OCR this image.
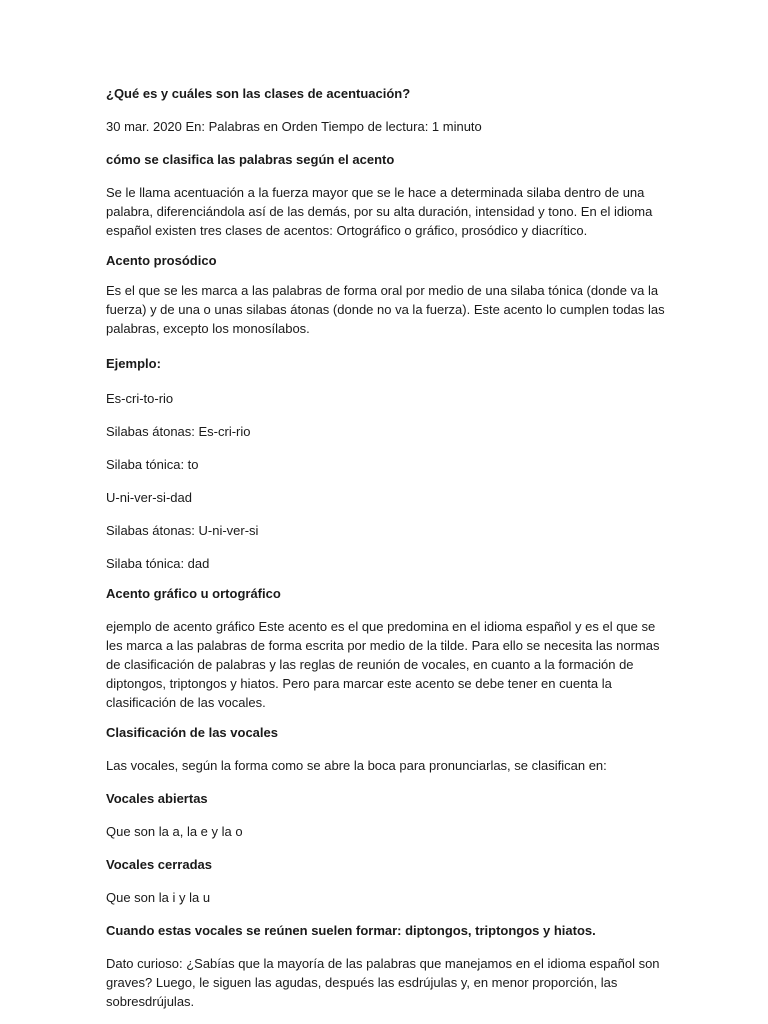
¿Qué es y cuáles son las clases de acentuación?

30 mar. 2020 En: Palabras en Orden Tiempo de lectura: 1 minuto

cómo se clasifica las palabras según el acento

Se le llama acentuación a la fuerza mayor que se le hace a determinada silaba dentro de una palabra, diferenciándola así de las demás, por su alta duración, intensidad y tono. En el idioma español existen tres clases de acentos: Ortográfico o gráfico, prosódico y diacrítico.

Acento prosódico

Es el que se les marca a las palabras de forma oral por medio de una silaba tónica (donde va la fuerza) y de una o unas silabas átonas (donde no va la fuerza). Este acento lo cumplen todas las palabras, excepto los monosílabos.

Ejemplo:

Es-cri-to-rio

Silabas átonas: Es-cri-rio

Silaba tónica: to

U-ni-ver-si-dad

Silabas átonas: U-ni-ver-si

Silaba tónica: dad

Acento gráfico u ortográfico

ejemplo de acento gráfico Este acento es el que predomina en el idioma español y es el que se les marca a las palabras de forma escrita por medio de la tilde. Para ello se necesita las normas de clasificación de palabras y las reglas de reunión de vocales, en cuanto a la formación de diptongos, triptongos y hiatos. Pero para marcar este acento se debe tener en cuenta la clasificación de las vocales.

Clasificación de las vocales

Las vocales, según la forma como se abre la boca para pronunciarlas, se clasifican en:

Vocales abiertas

Que son la a, la e y la o

Vocales cerradas

Que son la i y la u

Cuando estas vocales se reúnen suelen formar: diptongos, triptongos y hiatos.

Dato curioso: ¿Sabías que la mayoría de las palabras que manejamos en el idioma español son graves? Luego, le siguen las agudas, después las esdrújulas y, en menor proporción, las sobresdrújulas.
